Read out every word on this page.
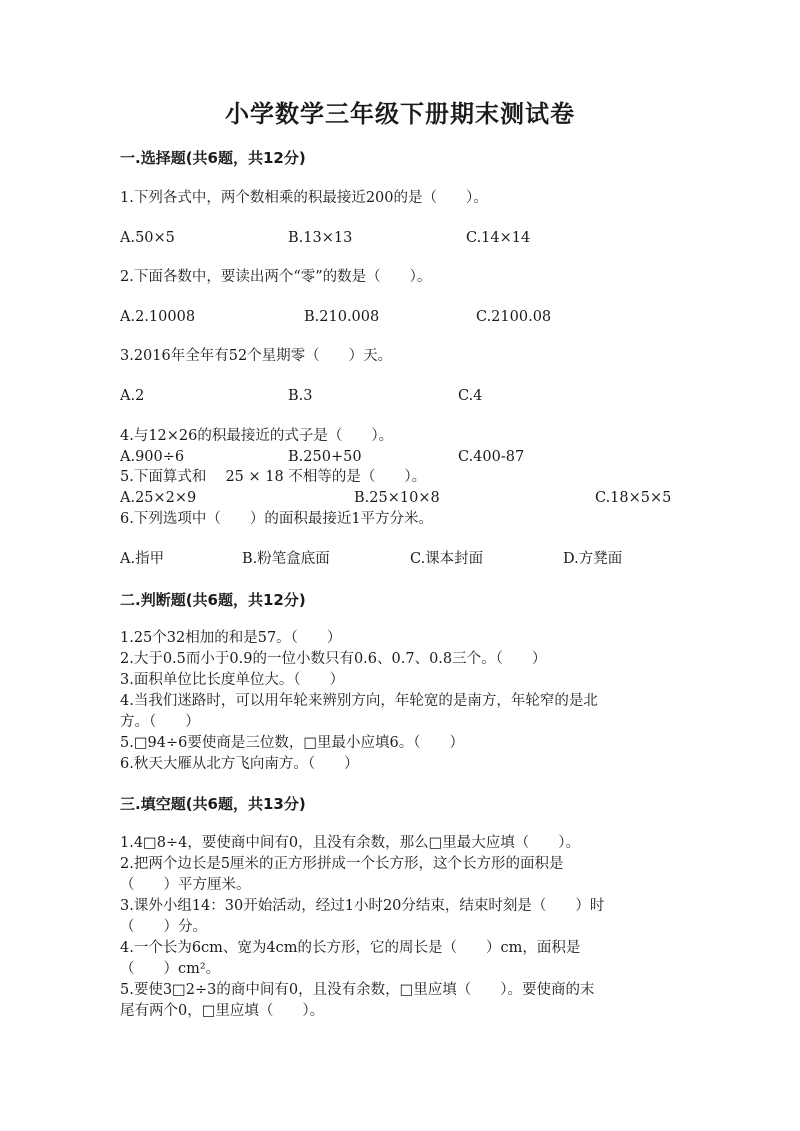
小学数学三年级下册期末测试卷
一.选择题(共6题，共12分)
1.下列各式中，两个数相乘的积最接近200的是（　　）。
A.50×5	B.13×13	C.14×14
2.下面各数中，要读出两个“零”的数是（　　）。
A.2.10008	B.210.008	C.2100.08
3.2016年全年有52个星期零（　　）天。
A.2	B.3	C.4
4.与12×26的积最接近的式子是（　　）。
A.900÷6	B.250+50	C.400-87
5.下面算式和　 25 × 18 不相等的是（　　）。
A.25×2×9	B.25×10×8	C.18×5×5
6.下列选项中（　　）的面积最接近1平方分米。
A.指甲	B.粉笔盒底面	C.课本封面	D.方凳面
二.判断题(共6题，共12分)
1.25个32相加的和是57。（　　）
2.大于0.5而小于0.9的一位小数只有0.6、0.7、0.8三个。（　　）
3.面积单位比长度单位大。（　　）
4.当我们迷路时，可以用年轮来辨别方向，年轮宽的是南方，年轮窄的是北
方。（　　）
5.□94÷6要使商是三位数，□里最小应填6。（　　）
6.秋天大雁从北方飞向南方。（　　）
三.填空题(共6题，共13分)
1.4□8÷4，要使商中间有0，且没有余数，那么□里最大应填（　　）。
2.把两个边长是5厘米的正方形拼成一个长方形，这个长方形的面积是
（　　）平方厘米。
3.课外小组14：30开始活动，经过1小时20分结束，结束时刻是（　　）时
（　　）分。
4.一个长为6cm、宽为4cm的长方形，它的周长是（　　）cm，面积是
（　　）cm²。
5.要使3□2÷3的商中间有0，且没有余数，□里应填（　　）。要使商的末
尾有两个0，□里应填（　　）。
